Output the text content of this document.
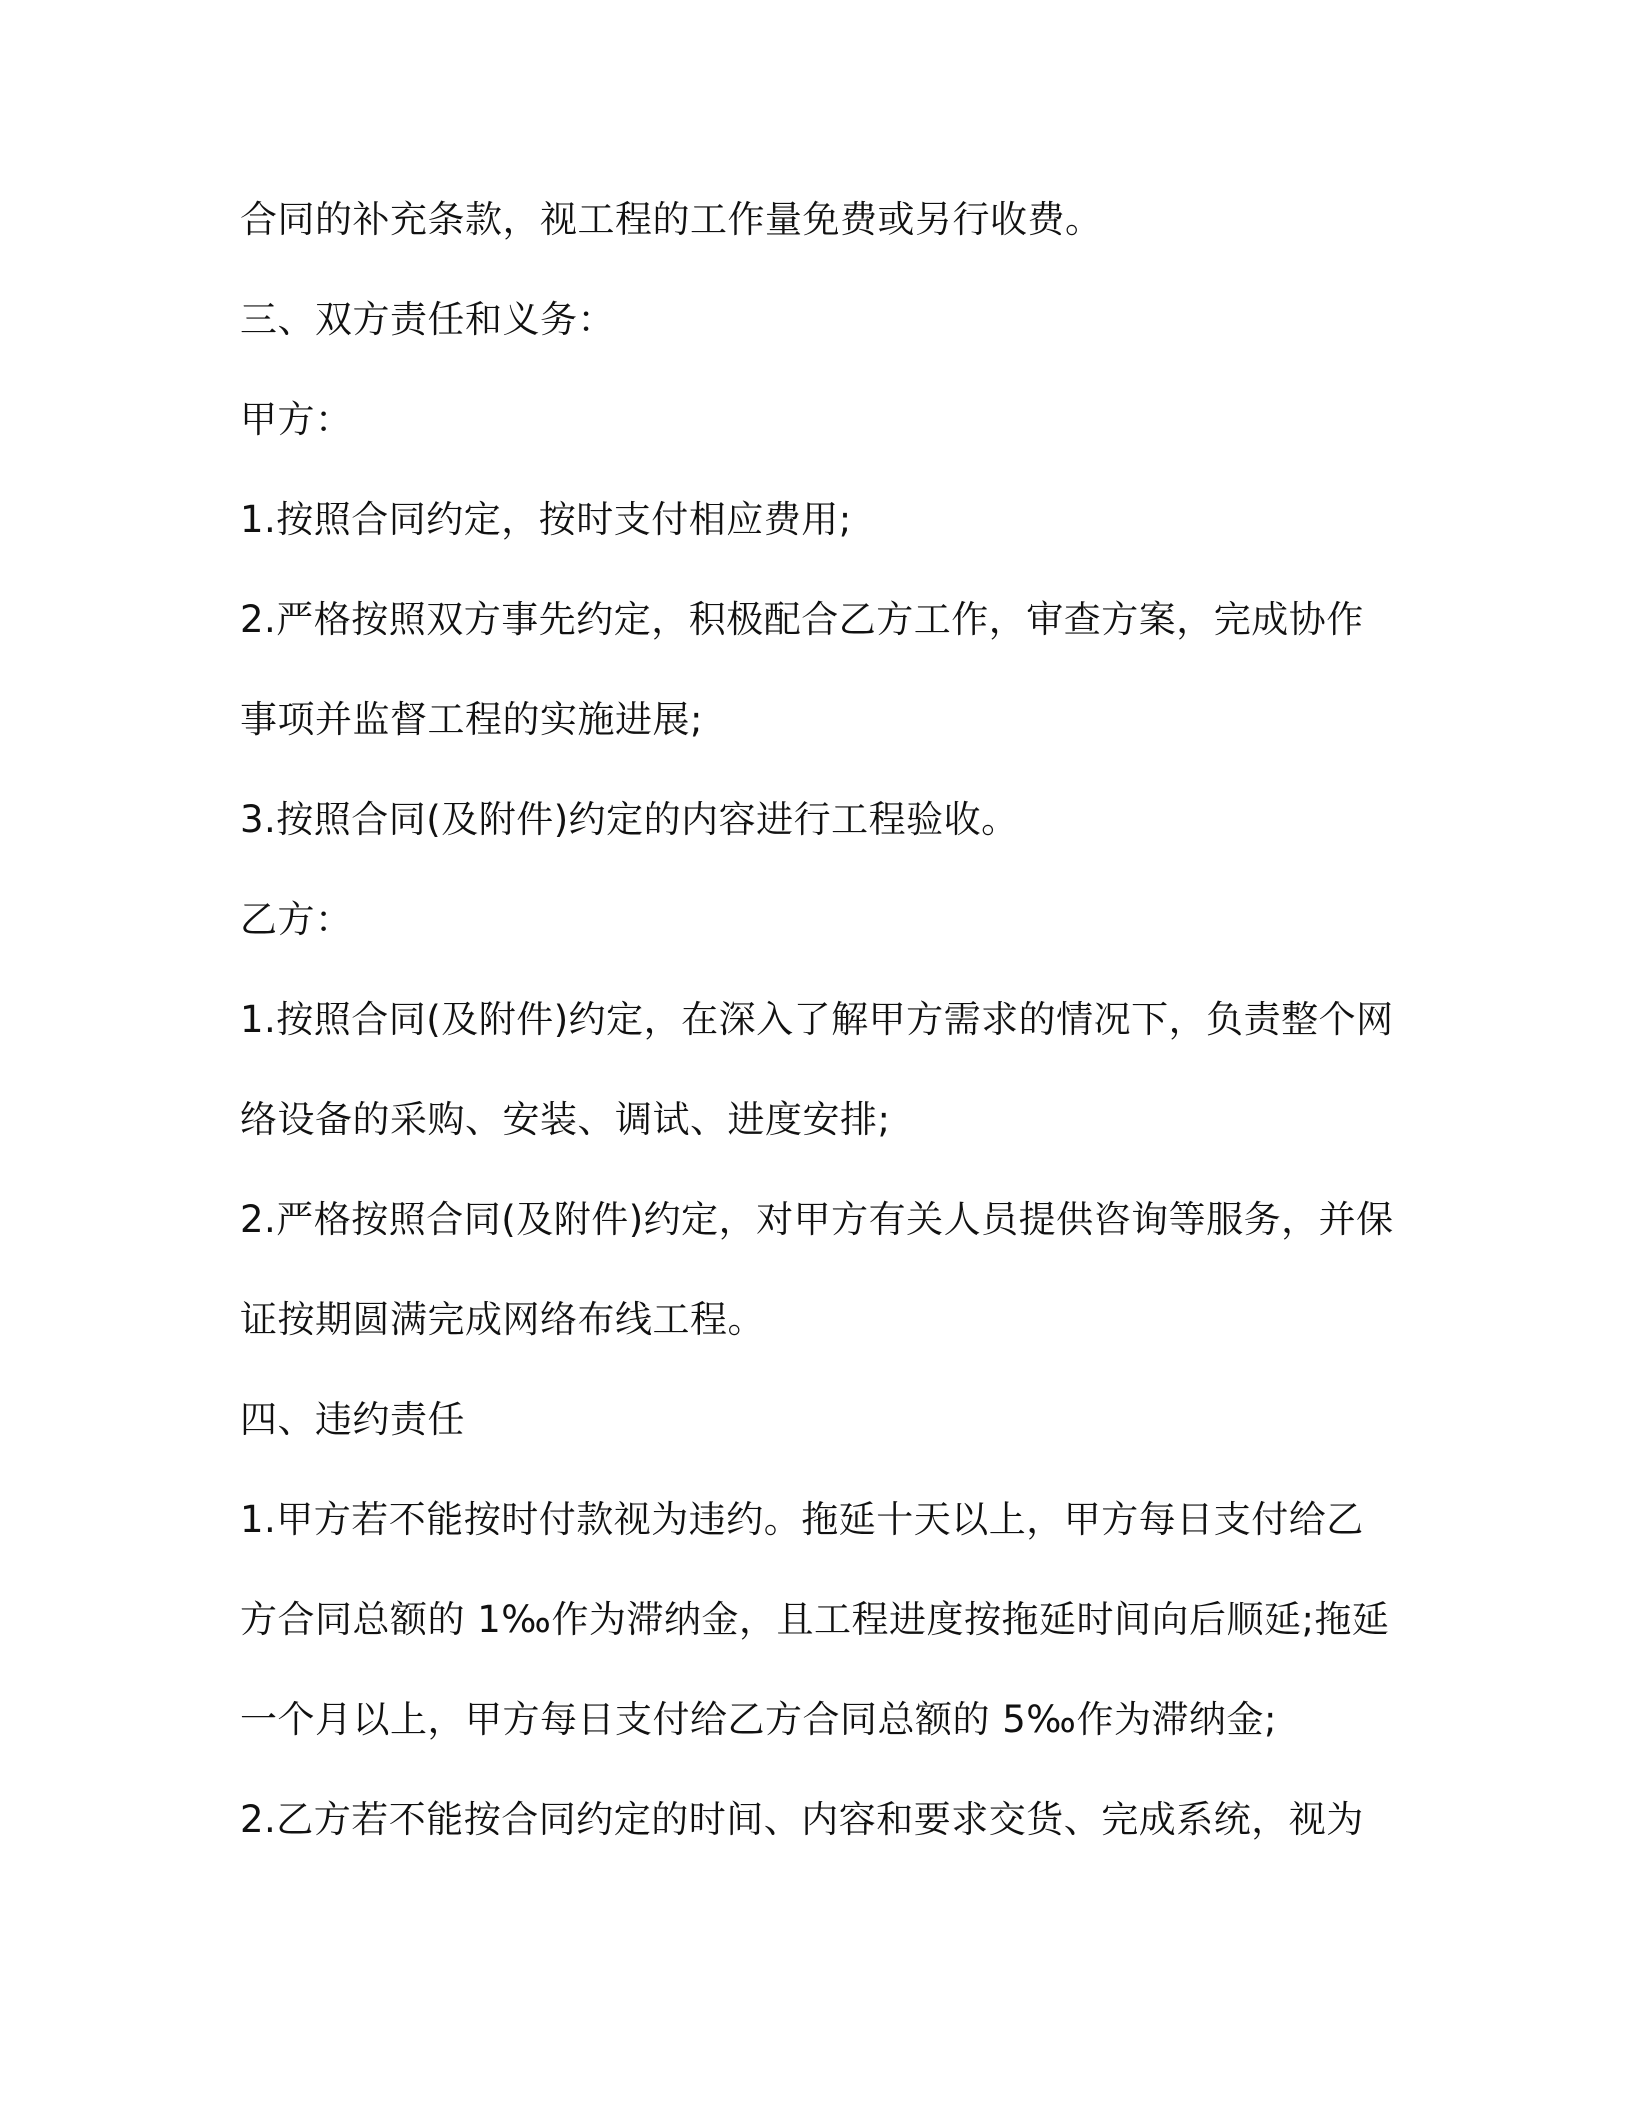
合同的补充条款，视工程的工作量免费或另行收费。
三、双方责任和义务：
甲方：
1.按照合同约定，按时支付相应费用;
2.严格按照双方事先约定，积极配合乙方工作，审查方案，完成协作
事项并监督工程的实施进展;
3.按照合同(及附件)约定的内容进行工程验收。
乙方：
1.按照合同(及附件)约定，在深入了解甲方需求的情况下，负责整个网
络设备的采购、安装、调试、进度安排;
2.严格按照合同(及附件)约定，对甲方有关人员提供咨询等服务，并保
证按期圆满完成网络布线工程。
四、违约责任
1.甲方若不能按时付款视为违约。拖延十天以上，甲方每日支付给乙
方合同总额的 1‰作为滞纳金，且工程进度按拖延时间向后顺延;拖延
一个月以上，甲方每日支付给乙方合同总额的 5‰作为滞纳金;
2.乙方若不能按合同约定的时间、内容和要求交货、完成系统，视为
